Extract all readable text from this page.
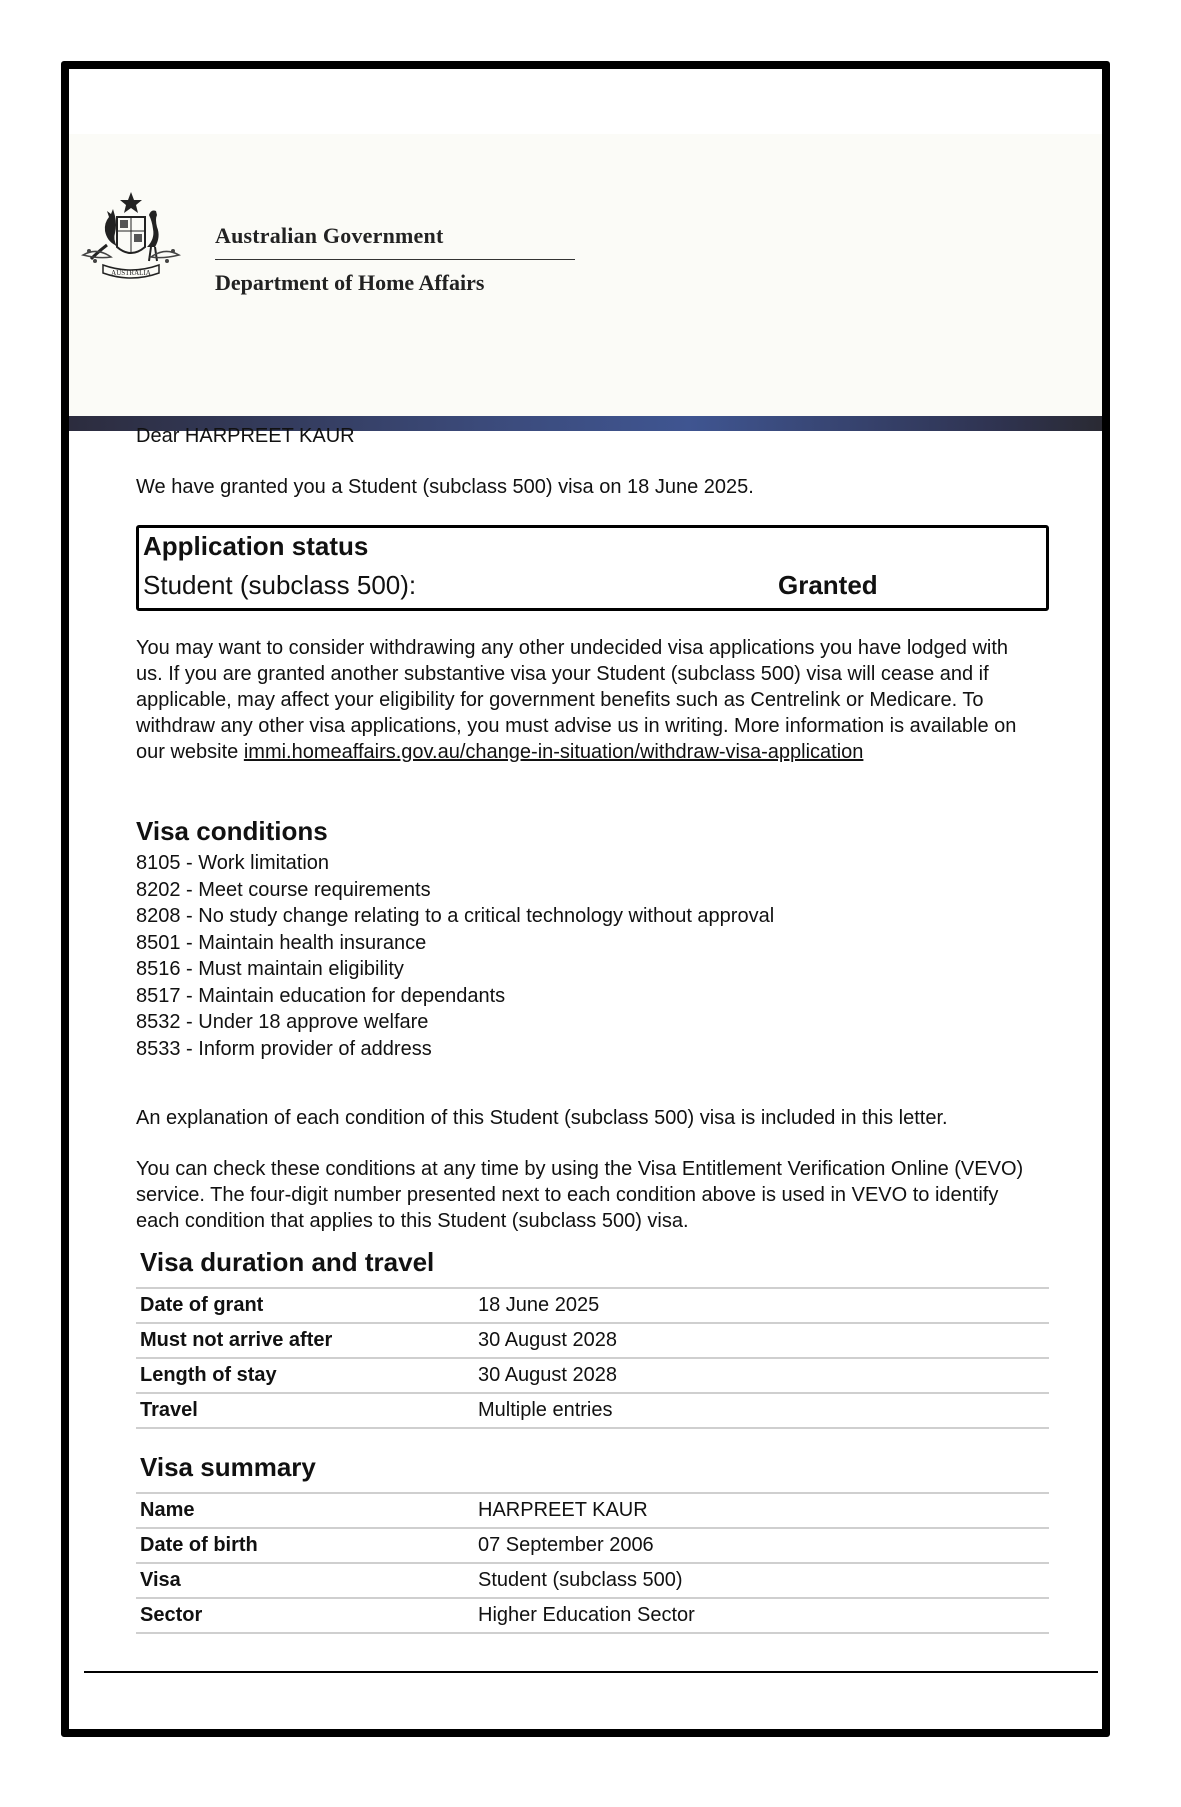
AUSTRALIA
Australian Government
Department of Home Affairs

Dear HARPREET KAUR

We have granted you a Student (subclass 500) visa on 18 June 2025.

Application status
Student (subclass 500):	Granted

You may want to consider withdrawing any other undecided visa applications you have lodged with us. If you are granted another substantive visa your Student (subclass 500) visa will cease and if applicable, may affect your eligibility for government benefits such as Centrelink or Medicare. To withdraw any other visa applications, you must advise us in writing. More information is available on our website immi.homeaffairs.gov.au/change-in-situation/withdraw-visa-application

Visa conditions
8105 - Work limitation
8202 - Meet course requirements
8208 - No study change relating to a critical technology without approval
8501 - Maintain health insurance
8516 - Must maintain eligibility
8517 - Maintain education for dependants
8532 - Under 18 approve welfare
8533 - Inform provider of address

An explanation of each condition of this Student (subclass 500) visa is included in this letter.

You can check these conditions at any time by using the Visa Entitlement Verification Online (VEVO) service. The four-digit number presented next to each condition above is used in VEVO to identify each condition that applies to this Student (subclass 500) visa.

Visa duration and travel
Date of grant	18 June 2025
Must not arrive after	30 August 2028
Length of stay	30 August 2028
Travel	Multiple entries
Visa summary
Name	HARPREET KAUR
Date of birth	07 September 2006
Visa	Student (subclass 500)
Sector	Higher Education Sector
